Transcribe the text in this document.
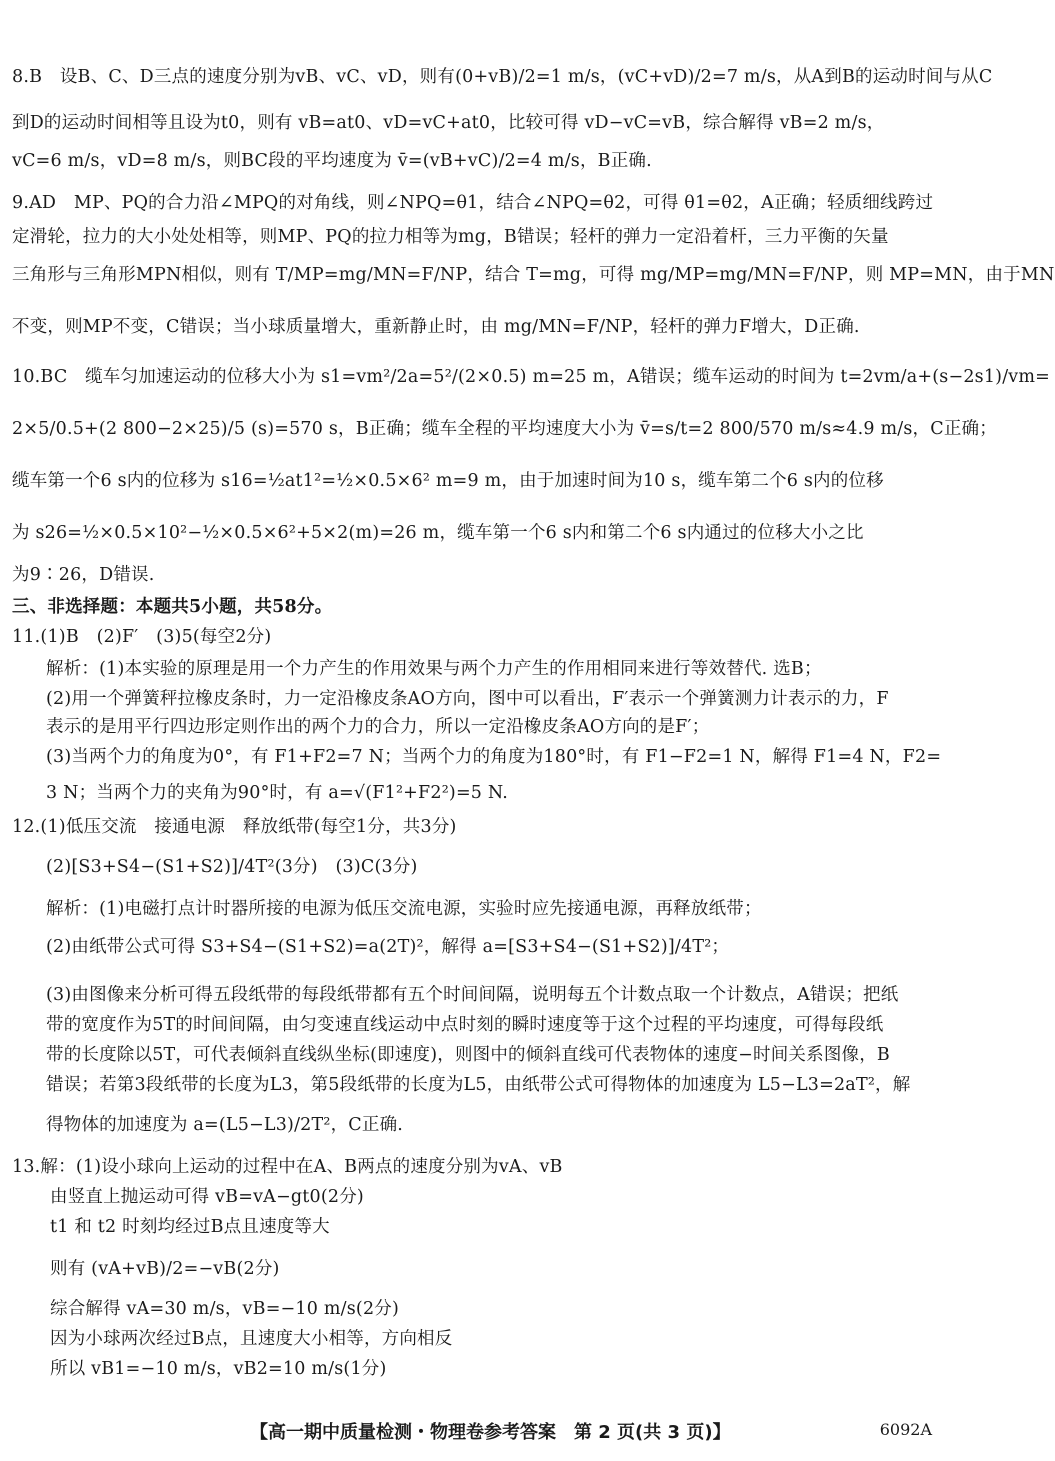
8.B　设B、C、D三点的速度分别为vB、vC、vD，则有(0+vB)/2=1 m/s，(vC+vD)/2=7 m/s，从A到B的运动时间与从C
到D的运动时间相等且设为t0，则有 vB=at0、vD=vC+at0，比较可得 vD−vC=vB，综合解得 vB=2 m/s，
vC=6 m/s，vD=8 m/s，则BC段的平均速度为 v̄=(vB+vC)/2=4 m/s，B正确.
9.AD　MP、PQ的合力沿∠MPQ的对角线，则∠NPQ=θ1，结合∠NPQ=θ2，可得 θ1=θ2，A正确；轻质细线跨过
定滑轮，拉力的大小处处相等，则MP、PQ的拉力相等为mg，B错误；轻杆的弹力一定沿着杆，三力平衡的矢量
三角形与三角形MPN相似，则有 T/MP=mg/MN=F/NP，结合 T=mg，可得 mg/MP=mg/MN=F/NP，则 MP=MN，由于MN
不变，则MP不变，C错误；当小球质量增大，重新静止时，由 mg/MN=F/NP，轻杆的弹力F增大，D正确.
10.BC　缆车匀加速运动的位移大小为 s1=vm²/2a=5²/(2×0.5) m=25 m，A错误；缆车运动的时间为 t=2vm/a+(s−2s1)/vm=
2×5/0.5+(2 800−2×25)/5 (s)=570 s，B正确；缆车全程的平均速度大小为 v̄=s/t=2 800/570 m/s≈4.9 m/s，C正确；
缆车第一个6 s内的位移为 s16=½at1²=½×0.5×6² m=9 m，由于加速时间为10 s，缆车第二个6 s内的位移
为 s26=½×0.5×10²−½×0.5×6²+5×2(m)=26 m，缆车第一个6 s内和第二个6 s内通过的位移大小之比
为9∶26，D错误.
三、非选择题：本题共5小题，共58分。
11.(1)B　(2)F′　(3)5(每空2分)
解析：(1)本实验的原理是用一个力产生的作用效果与两个力产生的作用相同来进行等效替代. 选B；
(2)用一个弹簧秤拉橡皮条时，力一定沿橡皮条AO方向，图中可以看出，F′表示一个弹簧测力计表示的力，F
表示的是用平行四边形定则作出的两个力的合力，所以一定沿橡皮条AO方向的是F′；
(3)当两个力的角度为0°，有 F1+F2=7 N；当两个力的角度为180°时，有 F1−F2=1 N，解得 F1=4 N，F2=
3 N；当两个力的夹角为90°时，有 a=√(F1²+F2²)=5 N.
12.(1)低压交流　接通电源　释放纸带(每空1分，共3分)
(2)[S3+S4−(S1+S2)]/4T²(3分)　(3)C(3分)
解析：(1)电磁打点计时器所接的电源为低压交流电源，实验时应先接通电源，再释放纸带；
(2)由纸带公式可得 S3+S4−(S1+S2)=a(2T)²，解得 a=[S3+S4−(S1+S2)]/4T²；
(3)由图像来分析可得五段纸带的每段纸带都有五个时间间隔，说明每五个计数点取一个计数点，A错误；把纸
带的宽度作为5T的时间间隔，由匀变速直线运动中点时刻的瞬时速度等于这个过程的平均速度，可得每段纸
带的长度除以5T，可代表倾斜直线纵坐标(即速度)，则图中的倾斜直线可代表物体的速度−时间关系图像，B
错误；若第3段纸带的长度为L3，第5段纸带的长度为L5，由纸带公式可得物体的加速度为 L5−L3=2aT²，解
得物体的加速度为 a=(L5−L3)/2T²，C正确.
13.解：(1)设小球向上运动的过程中在A、B两点的速度分别为vA、vB
由竖直上抛运动可得 vB=vA−gt0(2分)
t1 和 t2 时刻均经过B点且速度等大
则有 (vA+vB)/2=−vB(2分)
综合解得 vA=30 m/s，vB=−10 m/s(2分)
因为小球两次经过B点，且速度大小相等，方向相反
所以 vB1=−10 m/s，vB2=10 m/s(1分)
【高一期中质量检测・物理卷参考答案　第 2 页(共 3 页)】	6092A
